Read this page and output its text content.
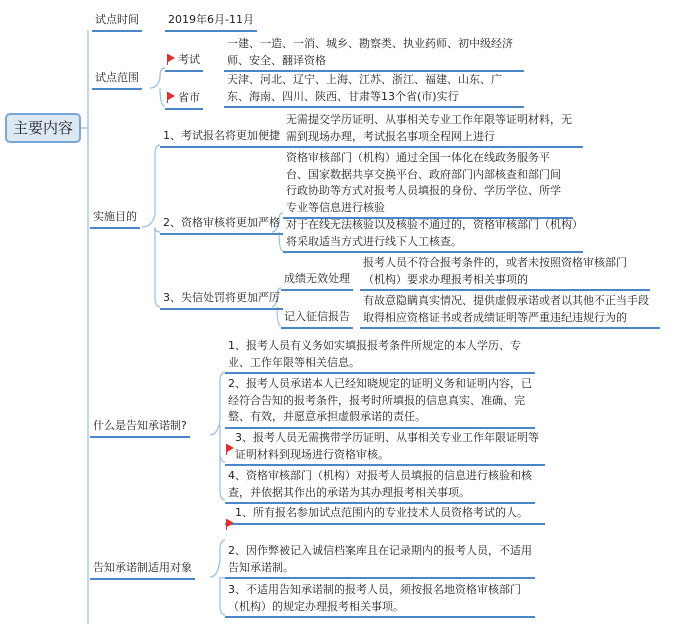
主要内容
试点时间	2019年6月-11月
试点范围
考试
一建、一造、一消、城乡、勘察类、执业药师、初中级经济师、安全、翻译资格
省市
天津、河北、辽宁、上海、江苏、浙江、福建、山东、广东、海南、四川、陕西、甘肃等13个省(市)实行
实施目的
1、考试报名将更加便捷
无需提交学历证明、从事相关专业工作年限等证明材料，无需到现场办理，考试报名事项全程网上进行
2、资格审核将更加严格
资格审核部门（机构）通过全国一体化在线政务服务平台、国家数据共享交换平台、政府部门内部核查和部门间行政协助等方式对报考人员填报的身份、学历学位、所学专业等信息进行核验
对于在线无法核验以及核验不通过的，资格审核部门（机构）将采取适当方式进行线下人工核查。
3、失信处罚将更加严厉
成绩无效处理
报考人员不符合报考条件的，或者未按照资格审核部门（机构）要求办理报考相关事项的
记入征信报告
有故意隐瞒真实情况、提供虚假承诺或者以其他不正当手段取得相应资格证书或者成绩证明等严重违纪违规行为的
什么是告知承诺制?
1、报考人员有义务如实填报报考条件所规定的本人学历、专业、工作年限等相关信息。
2、报考人员承诺本人已经知晓规定的证明义务和证明内容，已经符合告知的报考条件，报考时所填报的信息真实、准确、完整、有效，并愿意承担虚假承诺的责任。
3、报考人员无需携带学历证明、从事相关专业工作年限证明等证明材料到现场进行资格审核。
4、资格审核部门（机构）对报考人员填报的信息进行核验和核查，并依据其作出的承诺为其办理报考相关事项。
告知承诺制适用对象
1、所有报名参加试点范围内的专业技术人员资格考试的人。
2、因作弊被记入诚信档案库且在记录期内的报考人员，不适用告知承诺制。
3、不适用告知承诺制的报考人员，须按报名地资格审核部门（机构）的规定办理报考相关事项。
